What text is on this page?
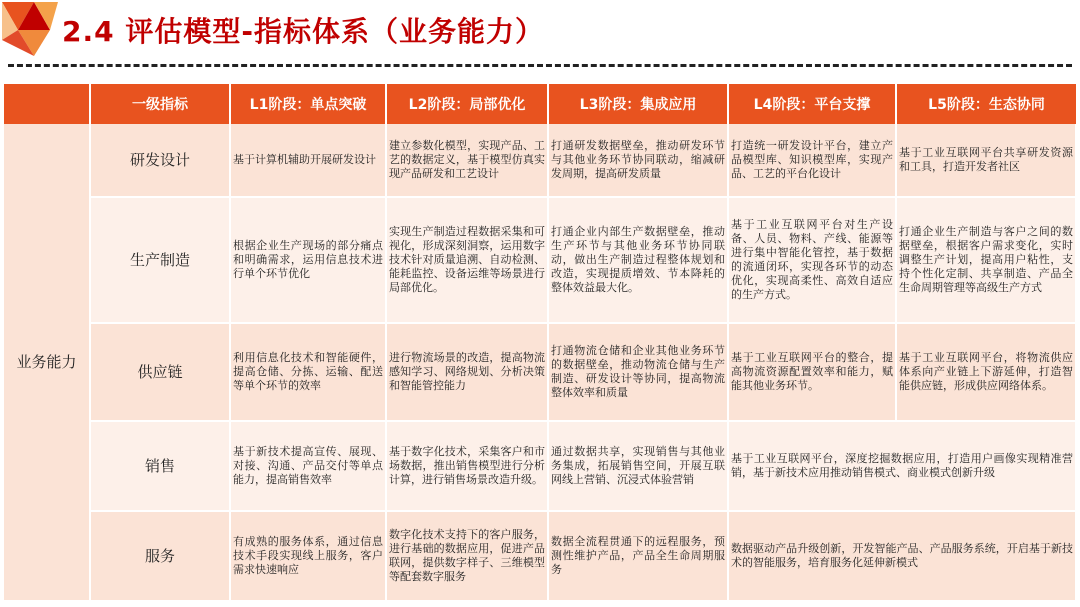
2.4 评估模型-指标体系（业务能力）
	一级指标	L1阶段：单点突破	L2阶段：局部优化	L3阶段：集成应用	L4阶段：平台支撑	L5阶段：生态协同
业务能力	研发设计	基于计算机辅助开展研发设计	建立参数化模型，实现产品、工艺的数据定义，基于模型仿真实现产品研发和工艺设计	打通研发数据壁垒，推动研发环节与其他业务环节协同联动，缩减研发周期，提高研发质量	打造统一研发设计平台，建立产品模型库、知识模型库，实现产品、工艺的平台化设计	基于工业互联网平台共享研发资源和工具，打造开发者社区
	生产制造	根据企业生产现场的部分痛点和明确需求，运用信息技术进行单个环节优化	实现生产制造过程数据采集和可视化，形成深刻洞察，运用数字技术针对质量追溯、自动检测、能耗监控、设备运维等场景进行局部优化。	打通企业内部生产数据壁垒，推动生产环节与其他业务环节协同联动，做出生产制造过程整体规划和改造，实现提质增效、节本降耗的整体效益最大化。	基于工业互联网平台对生产设备、人员、物料、产线、能源等进行集中智能化管控，基于数据的流通闭环，实现各环节的动态优化，实现高柔性、高效自适应的生产方式。	打通企业生产制造与客户之间的数据壁垒，根据客户需求变化，实时调整生产计划，提高用户粘性，支持个性化定制、共享制造、产品全生命周期管理等高级生产方式
	供应链	利用信息化技术和智能硬件，提高仓储、分拣、运输、配送等单个环节的效率	进行物流场景的改造，提高物流感知学习、网络规划、分析决策和智能管控能力	打通物流仓储和企业其他业务环节的数据壁垒，推动物流仓储与生产制造、研发设计等协同，提高物流整体效率和质量	基于工业互联网平台的整合，提高物流资源配置效率和能力，赋能其他业务环节。	基于工业互联网平台，将物流供应体系向产业链上下游延伸，打造智能供应链，形成供应网络体系。
	销售	基于新技术提高宣传、展现、对接、沟通、产品交付等单点能力，提高销售效率	基于数字化技术，采集客户和市场数据，推出销售模型进行分析计算，进行销售场景改造升级。	通过数据共享，实现销售与其他业务集成，拓展销售空间，开展互联网线上营销、沉浸式体验营销	基于工业互联网平台，深度挖掘数据应用，打造用户画像实现精准营销，基于新技术应用推动销售模式、商业模式创新升级	
	服务	有成熟的服务体系，通过信息技术手段实现线上服务，客户需求快速响应	数字化技术支持下的客户服务，进行基础的数据应用，促进产品联网，提供数字样子、三维模型等配套数字服务	数据全流程贯通下的远程服务，预测性维护产品，产品全生命周期服务	数据驱动产品升级创新，开发智能产品、产品服务系统，开启基于新技术的智能服务，培育服务化延伸新模式	
